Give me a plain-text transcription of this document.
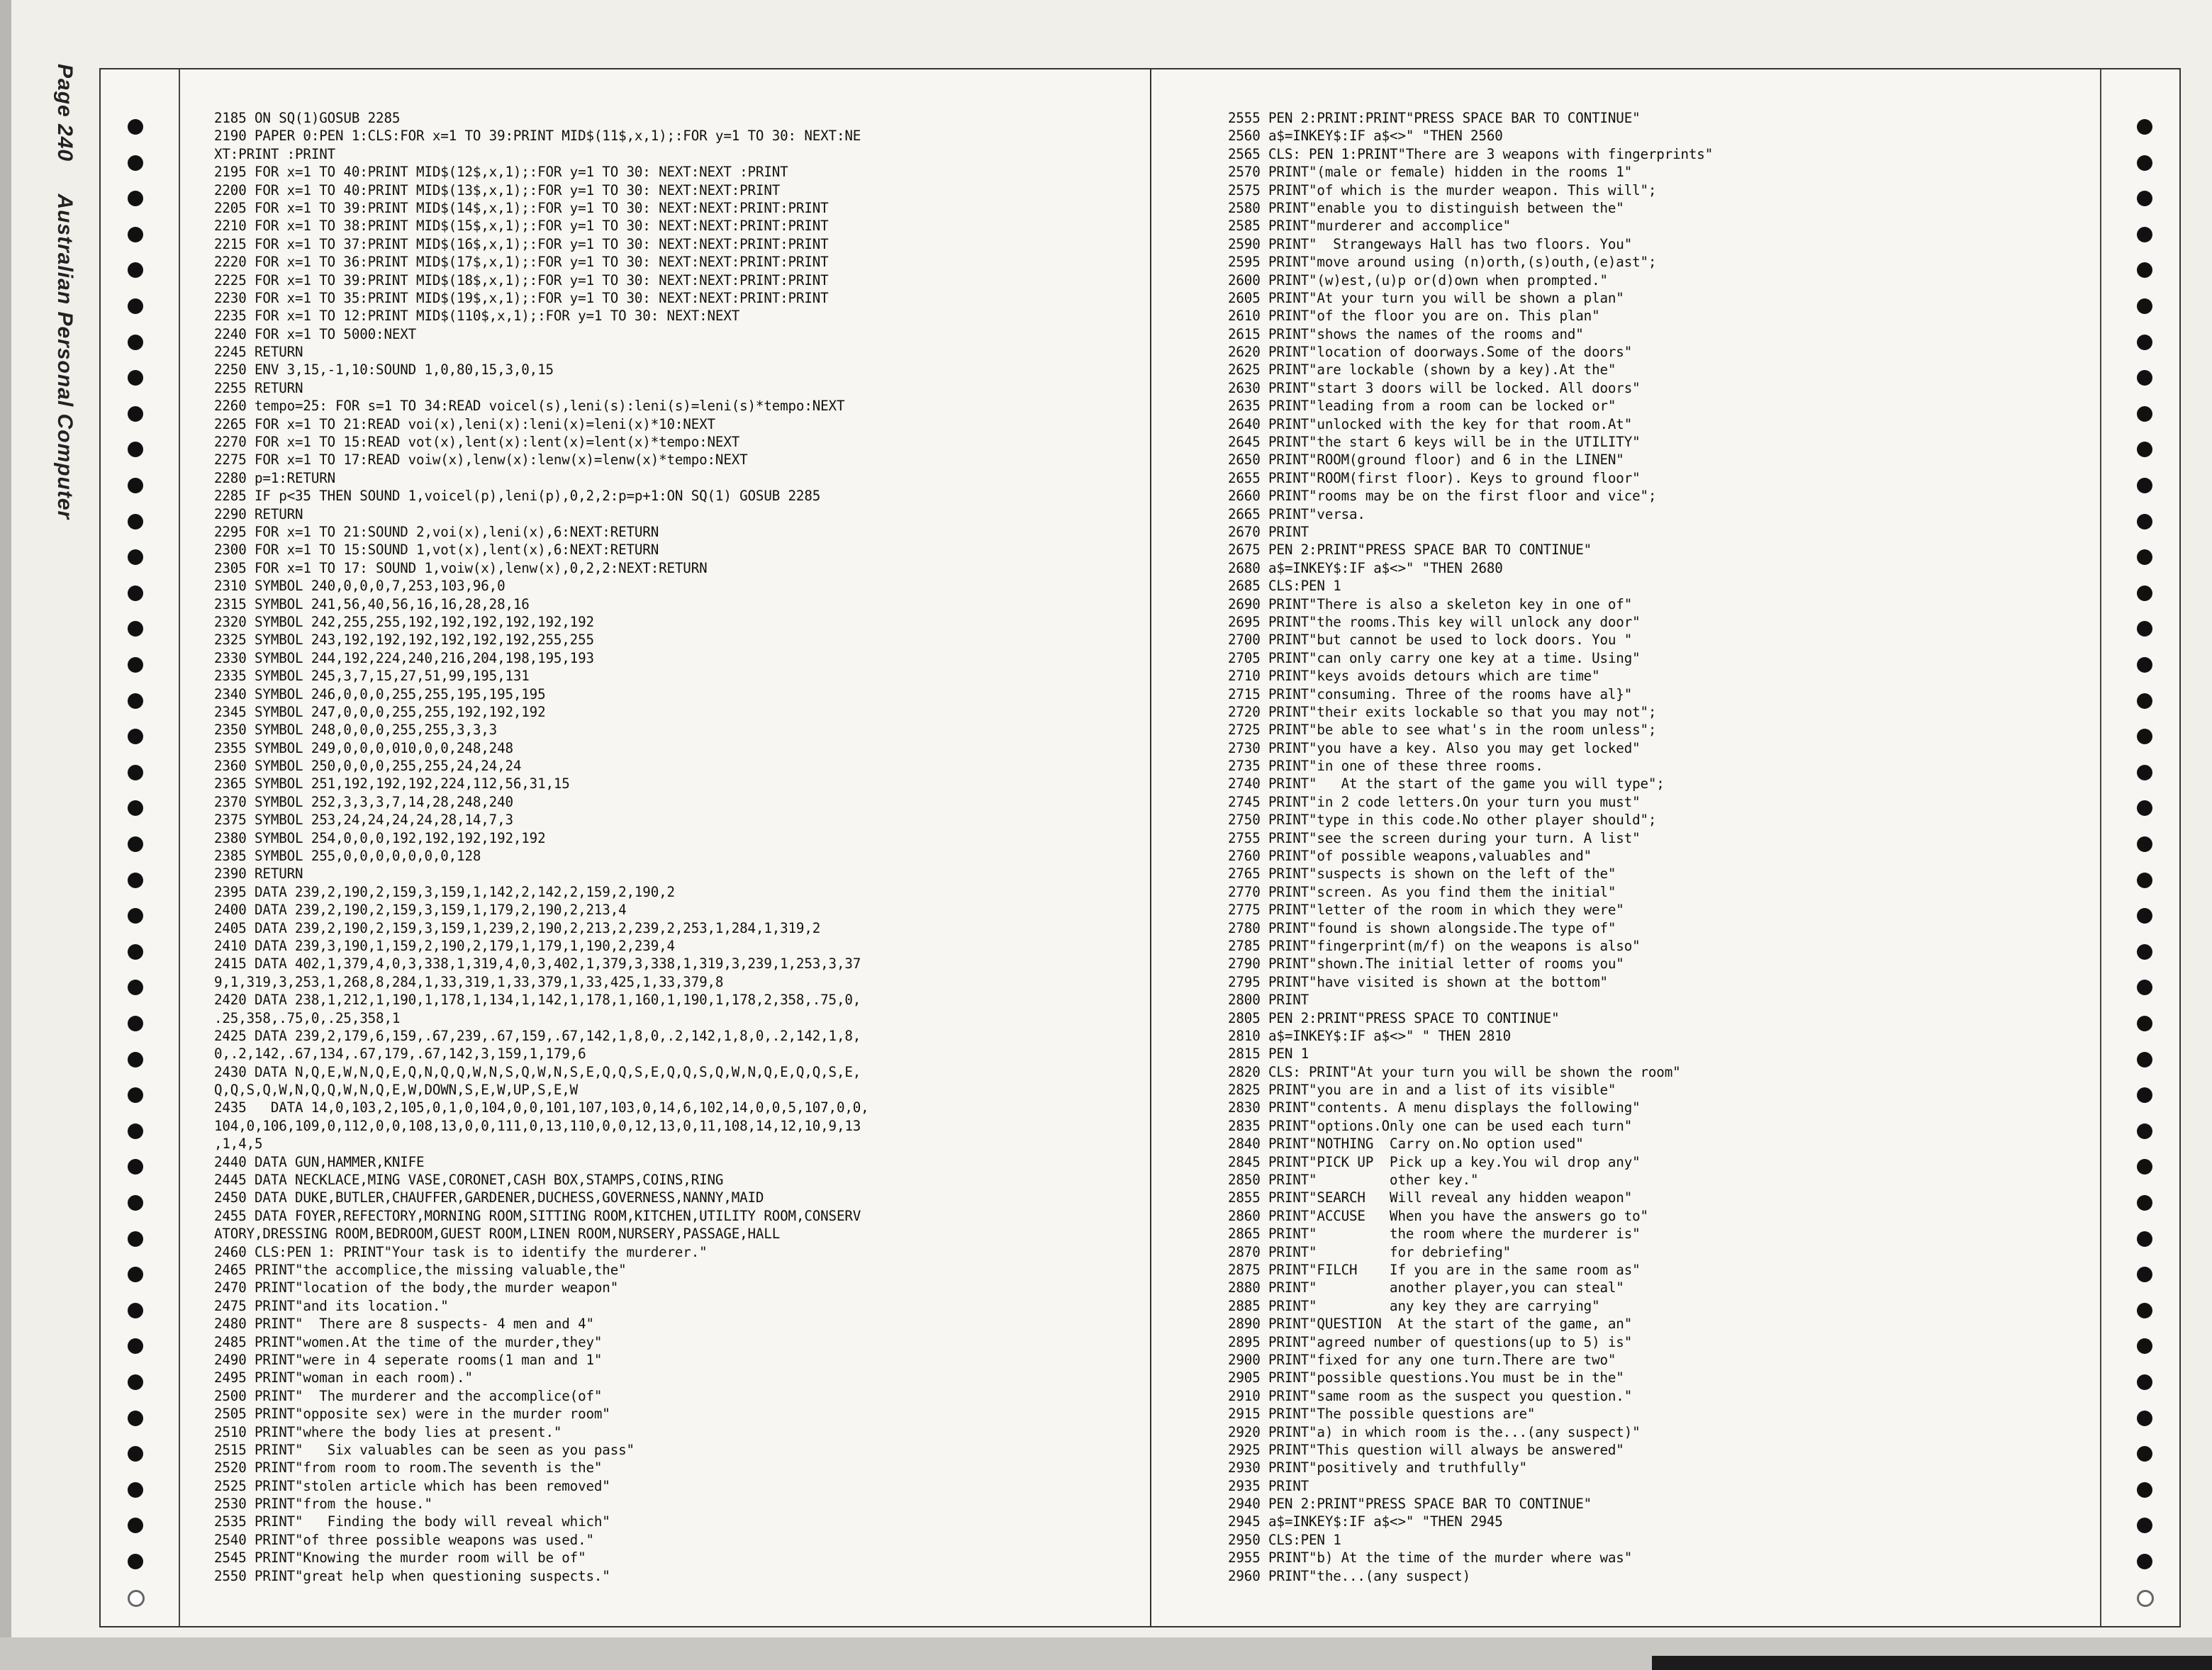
Page 240 Australian Personal Computer
2185 ON SQ(1)GOSUB 2285
2190 PAPER 0:PEN 1:CLS:FOR x=1 TO 39:PRINT MID$(11$,x,1);:FOR y=1 TO 30: NEXT:NE
XT:PRINT :PRINT
2195 FOR x=1 TO 40:PRINT MID$(12$,x,1);:FOR y=1 TO 30: NEXT:NEXT :PRINT
2200 FOR x=1 TO 40:PRINT MID$(13$,x,1);:FOR y=1 TO 30: NEXT:NEXT:PRINT
2205 FOR x=1 TO 39:PRINT MID$(14$,x,1);:FOR y=1 TO 30: NEXT:NEXT:PRINT:PRINT
2210 FOR x=1 TO 38:PRINT MID$(15$,x,1);:FOR y=1 TO 30: NEXT:NEXT:PRINT:PRINT
2215 FOR x=1 TO 37:PRINT MID$(16$,x,1);:FOR y=1 TO 30: NEXT:NEXT:PRINT:PRINT
2220 FOR x=1 TO 36:PRINT MID$(17$,x,1);:FOR y=1 TO 30: NEXT:NEXT:PRINT:PRINT
2225 FOR x=1 TO 39:PRINT MID$(18$,x,1);:FOR y=1 TO 30: NEXT:NEXT:PRINT:PRINT
2230 FOR x=1 TO 35:PRINT MID$(19$,x,1);:FOR y=1 TO 30: NEXT:NEXT:PRINT:PRINT
2235 FOR x=1 TO 12:PRINT MID$(110$,x,1);:FOR y=1 TO 30: NEXT:NEXT
2240 FOR x=1 TO 5000:NEXT
2245 RETURN
2250 ENV 3,15,-1,10:SOUND 1,0,80,15,3,0,15
2255 RETURN
2260 tempo=25: FOR s=1 TO 34:READ voicel(s),leni(s):leni(s)=leni(s)*tempo:NEXT
2265 FOR x=1 TO 21:READ voi(x),leni(x):leni(x)=leni(x)*10:NEXT
2270 FOR x=1 TO 15:READ vot(x),lent(x):lent(x)=lent(x)*tempo:NEXT
2275 FOR x=1 TO 17:READ voiw(x),lenw(x):lenw(x)=lenw(x)*tempo:NEXT
2280 p=1:RETURN
2285 IF p<35 THEN SOUND 1,voicel(p),leni(p),0,2,2:p=p+1:ON SQ(1) GOSUB 2285
2290 RETURN
2295 FOR x=1 TO 21:SOUND 2,voi(x),leni(x),6:NEXT:RETURN
2300 FOR x=1 TO 15:SOUND 1,vot(x),lent(x),6:NEXT:RETURN
2305 FOR x=1 TO 17: SOUND 1,voiw(x),lenw(x),0,2,2:NEXT:RETURN
2310 SYMBOL 240,0,0,0,7,253,103,96,0
2315 SYMBOL 241,56,40,56,16,16,28,28,16
2320 SYMBOL 242,255,255,192,192,192,192,192,192
2325 SYMBOL 243,192,192,192,192,192,192,255,255
2330 SYMBOL 244,192,224,240,216,204,198,195,193
2335 SYMBOL 245,3,7,15,27,51,99,195,131
2340 SYMBOL 246,0,0,0,255,255,195,195,195
2345 SYMBOL 247,0,0,0,255,255,192,192,192
2350 SYMBOL 248,0,0,0,255,255,3,3,3
2355 SYMBOL 249,0,0,0,010,0,0,248,248
2360 SYMBOL 250,0,0,0,255,255,24,24,24
2365 SYMBOL 251,192,192,192,224,112,56,31,15
2370 SYMBOL 252,3,3,3,7,14,28,248,240
2375 SYMBOL 253,24,24,24,24,28,14,7,3
2380 SYMBOL 254,0,0,0,192,192,192,192,192
2385 SYMBOL 255,0,0,0,0,0,0,0,128
2390 RETURN
2395 DATA 239,2,190,2,159,3,159,1,142,2,142,2,159,2,190,2
2400 DATA 239,2,190,2,159,3,159,1,179,2,190,2,213,4
2405 DATA 239,2,190,2,159,3,159,1,239,2,190,2,213,2,239,2,253,1,284,1,319,2
2410 DATA 239,3,190,1,159,2,190,2,179,1,179,1,190,2,239,4
2415 DATA 402,1,379,4,0,3,338,1,319,4,0,3,402,1,379,3,338,1,319,3,239,1,253,3,37
9,1,319,3,253,1,268,8,284,1,33,319,1,33,379,1,33,425,1,33,379,8
2420 DATA 238,1,212,1,190,1,178,1,134,1,142,1,178,1,160,1,190,1,178,2,358,.75,0,
.25,358,.75,0,.25,358,1
2425 DATA 239,2,179,6,159,.67,239,.67,159,.67,142,1,8,0,.2,142,1,8,0,.2,142,1,8,
0,.2,142,.67,134,.67,179,.67,142,3,159,1,179,6
2430 DATA N,Q,E,W,N,Q,E,Q,N,Q,Q,W,N,S,Q,W,N,S,E,Q,Q,S,E,Q,Q,S,Q,W,N,Q,E,Q,Q,S,E,
Q,Q,S,Q,W,N,Q,Q,W,N,Q,E,W,DOWN,S,E,W,UP,S,E,W
2435   DATA 14,0,103,2,105,0,1,0,104,0,0,101,107,103,0,14,6,102,14,0,0,5,107,0,0,
104,0,106,109,0,112,0,0,108,13,0,0,111,0,13,110,0,0,12,13,0,11,108,14,12,10,9,13
,1,4,5
2440 DATA GUN,HAMMER,KNIFE
2445 DATA NECKLACE,MING VASE,CORONET,CASH BOX,STAMPS,COINS,RING
2450 DATA DUKE,BUTLER,CHAUFFER,GARDENER,DUCHESS,GOVERNESS,NANNY,MAID
2455 DATA FOYER,REFECTORY,MORNING ROOM,SITTING ROOM,KITCHEN,UTILITY ROOM,CONSERV
ATORY,DRESSING ROOM,BEDROOM,GUEST ROOM,LINEN ROOM,NURSERY,PASSAGE,HALL
2460 CLS:PEN 1: PRINT"Your task is to identify the murderer."
2465 PRINT"the accomplice,the missing valuable,the"
2470 PRINT"location of the body,the murder weapon"
2475 PRINT"and its location."
2480 PRINT"  There are 8 suspects- 4 men and 4"
2485 PRINT"women.At the time of the murder,they"
2490 PRINT"were in 4 seperate rooms(1 man and 1"
2495 PRINT"woman in each room)."
2500 PRINT"  The murderer and the accomplice(of"
2505 PRINT"opposite sex) were in the murder room"
2510 PRINT"where the body lies at present."
2515 PRINT"   Six valuables can be seen as you pass"
2520 PRINT"from room to room.The seventh is the"
2525 PRINT"stolen article which has been removed"
2530 PRINT"from the house."
2535 PRINT"   Finding the body will reveal which"
2540 PRINT"of three possible weapons was used."
2545 PRINT"Knowing the murder room will be of"
2550 PRINT"great help when questioning suspects."
2555 PEN 2:PRINT:PRINT"PRESS SPACE BAR TO CONTINUE"
2560 a$=INKEY$:IF a$<>" "THEN 2560
2565 CLS: PEN 1:PRINT"There are 3 weapons with fingerprints"
2570 PRINT"(male or female) hidden in the rooms 1"
2575 PRINT"of which is the murder weapon. This will";
2580 PRINT"enable you to distinguish between the"
2585 PRINT"murderer and accomplice"
2590 PRINT"  Strangeways Hall has two floors. You"
2595 PRINT"move around using (n)orth,(s)outh,(e)ast";
2600 PRINT"(w)est,(u)p or(d)own when prompted."
2605 PRINT"At your turn you will be shown a plan"
2610 PRINT"of the floor you are on. This plan"
2615 PRINT"shows the names of the rooms and"
2620 PRINT"location of doorways.Some of the doors"
2625 PRINT"are lockable (shown by a key).At the"
2630 PRINT"start 3 doors will be locked. All doors"
2635 PRINT"leading from a room can be locked or"
2640 PRINT"unlocked with the key for that room.At"
2645 PRINT"the start 6 keys will be in the UTILITY"
2650 PRINT"ROOM(ground floor) and 6 in the LINEN"
2655 PRINT"ROOM(first floor). Keys to ground floor"
2660 PRINT"rooms may be on the first floor and vice";
2665 PRINT"versa.
2670 PRINT
2675 PEN 2:PRINT"PRESS SPACE BAR TO CONTINUE"
2680 a$=INKEY$:IF a$<>" "THEN 2680
2685 CLS:PEN 1
2690 PRINT"There is also a skeleton key in one of"
2695 PRINT"the rooms.This key will unlock any door"
2700 PRINT"but cannot be used to lock doors. You "
2705 PRINT"can only carry one key at a time. Using"
2710 PRINT"keys avoids detours which are time"
2715 PRINT"consuming. Three of the rooms have al}"
2720 PRINT"their exits lockable so that you may not";
2725 PRINT"be able to see what's in the room unless";
2730 PRINT"you have a key. Also you may get locked"
2735 PRINT"in one of these three rooms.
2740 PRINT"   At the start of the game you will type";
2745 PRINT"in 2 code letters.On your turn you must"
2750 PRINT"type in this code.No other player should";
2755 PRINT"see the screen during your turn. A list"
2760 PRINT"of possible weapons,valuables and"
2765 PRINT"suspects is shown on the left of the"
2770 PRINT"screen. As you find them the initial"
2775 PRINT"letter of the room in which they were"
2780 PRINT"found is shown alongside.The type of"
2785 PRINT"fingerprint(m/f) on the weapons is also"
2790 PRINT"shown.The initial letter of rooms you"
2795 PRINT"have visited is shown at the bottom"
2800 PRINT
2805 PEN 2:PRINT"PRESS SPACE TO CONTINUE"
2810 a$=INKEY$:IF a$<>" " THEN 2810
2815 PEN 1
2820 CLS: PRINT"At your turn you will be shown the room"
2825 PRINT"you are in and a list of its visible"
2830 PRINT"contents. A menu displays the following"
2835 PRINT"options.Only one can be used each turn"
2840 PRINT"NOTHING  Carry on.No option used"
2845 PRINT"PICK UP  Pick up a key.You wil drop any"
2850 PRINT"         other key."
2855 PRINT"SEARCH   Will reveal any hidden weapon"
2860 PRINT"ACCUSE   When you have the answers go to"
2865 PRINT"         the room where the murderer is"
2870 PRINT"         for debriefing"
2875 PRINT"FILCH    If you are in the same room as"
2880 PRINT"         another player,you can steal"
2885 PRINT"         any key they are carrying"
2890 PRINT"QUESTION  At the start of the game, an"
2895 PRINT"agreed number of questions(up to 5) is"
2900 PRINT"fixed for any one turn.There are two"
2905 PRINT"possible questions.You must be in the"
2910 PRINT"same room as the suspect you question."
2915 PRINT"The possible questions are"
2920 PRINT"a) in which room is the...(any suspect)"
2925 PRINT"This question will always be answered"
2930 PRINT"positively and truthfully"
2935 PRINT
2940 PEN 2:PRINT"PRESS SPACE BAR TO CONTINUE"
2945 a$=INKEY$:IF a$<>" "THEN 2945
2950 CLS:PEN 1
2955 PRINT"b) At the time of the murder where was"
2960 PRINT"the...(any suspect)
